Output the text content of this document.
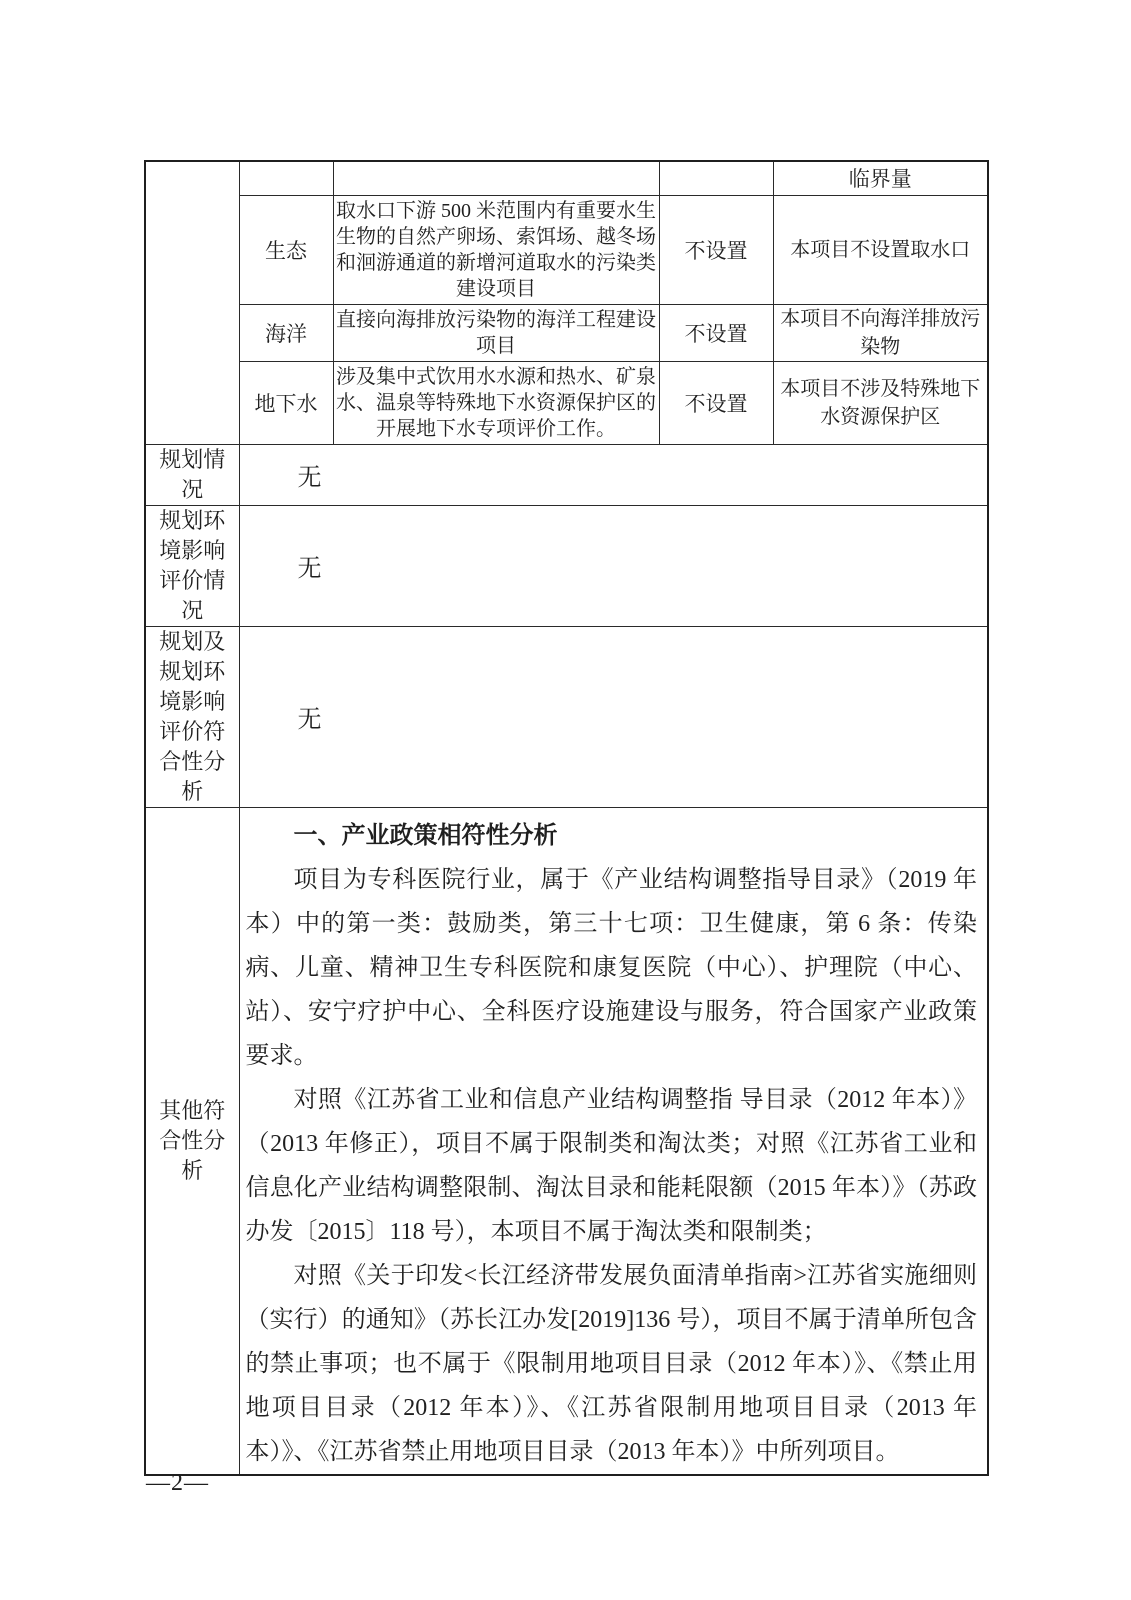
				临界量
	生态	取水口下游 500 米范围内有重要水生生物的自然产卵场、索饵场、越冬场和洄游通道的新增河道取水的污染类建设项目	不设置	本项目不设置取水口
	海洋	直接向海排放污染物的海洋工程建设项目	不设置	本项目不向海洋排放污染物
	地下水	涉及集中式饮用水水源和热水、矿泉水、温泉等特殊地下水资源保护区的开展地下水专项评价工作。	不设置	本项目不涉及特殊地下水资源保护区
规划情况	无			
规划环境影响评价情况	无			
规划及规划环境影响评价符合性分析	无			
其他符合性分析	一、产业政策相符性分析

项目为专科医院行业，属于《产业结构调整指导目录》（2019 年本）中的第一类：鼓励类，第三十七项：卫生健康，第 6 条：传染病、儿童、精神卫生专科医院和康复医院（中心）、护理院（中心、站）、安宁疗护中心、全科医疗设施建设与服务，符合国家产业政策要求。

对照《江苏省工业和信息产业结构调整指 导目录（2012 年本）》（2013 年修正），项目不属于限制类和淘汰类；对照《江苏省工业和信息化产业结构调整限制、淘汰目录和能耗限额（2015 年本）》（苏政办发〔2015〕118 号），本项目不属于淘汰类和限制类；

对照《关于印发<长江经济带发展负面清单指南>江苏省实施细则（实行）的通知》（苏长江办发[2019]136 号），项目不属于清单所包含的禁止事项；也不属于《限制用地项目目录（2012 年本）》、《禁止用地项目目录（2012 年本）》、《江苏省限制用地项目目录（2013 年本）》、《江苏省禁止用地项目目录（2013 年本）》中所列项目。			

—2—
